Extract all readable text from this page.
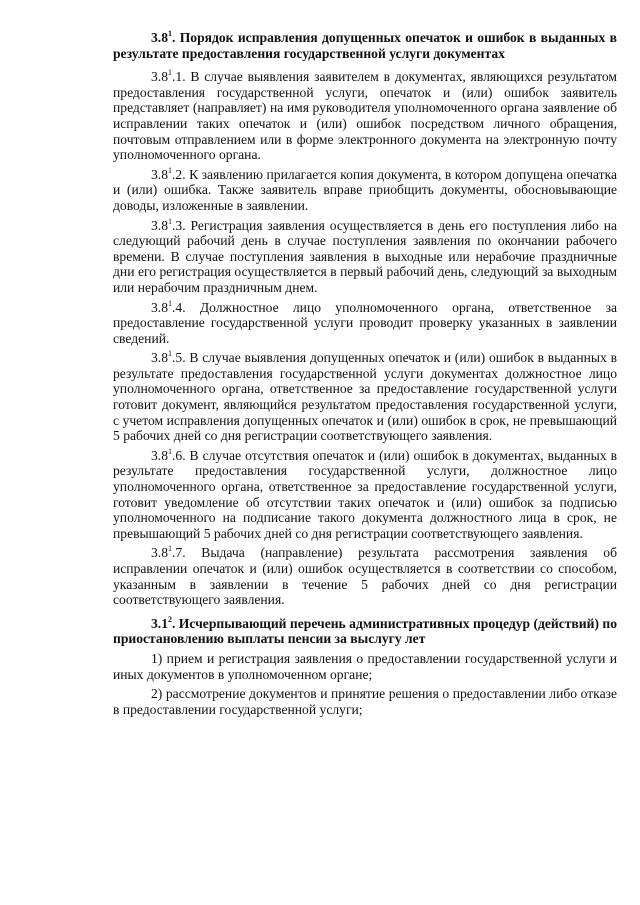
$3.8^1$. Порядок исправления допущенных опечаток и ошибок в выданных в результате предоставления государственной услуги документах

$3.8^1.1$. В случае выявления заявителем в документах, являющихся результатом предоставления государственной услуги, опечаток и (или) ошибок заявитель представляет (направляет) на имя руководителя уполномоченного органа заявление об исправлении таких опечаток и (или) ошибок посредством личного обращения, почтовым отправлением или в форме электронного документа на электронную почту уполномоченного органа.

$3.8^1.2$. К заявлению прилагается копия документа, в котором допущена опечатка и (или) ошибка. Также заявитель вправе приобщить документы, обосновывающие доводы, изложенные в заявлении.

$3.8^1.3$. Регистрация заявления осуществляется в день его поступления либо на следующий рабочий день в случае поступления заявления по окончании рабочего времени. В случае поступления заявления в выходные или нерабочие праздничные дни его регистрация осуществляется в первый рабочий день, следующий за выходным или нерабочим праздничным днем.

$3.8^1.4$. Должностное лицо уполномоченного органа, ответственное за предоставление государственной услуги проводит проверку указанных в заявлении сведений.

$3.8^1.5$. В случае выявления допущенных опечаток и (или) ошибок в выданных в результате предоставления государственной услуги документах должностное лицо уполномоченного органа, ответственное за предоставление государственной услуги готовит документ, являющийся результатом предоставления государственной услуги, с учетом исправления допущенных опечаток и (или) ошибок в срок, не превышающий 5 рабочих дней со дня регистрации соответствующего заявления.

$3.8^1.6$. В случае отсутствия опечаток и (или) ошибок в документах, выданных в результате предоставления государственной услуги, должностное лицо уполномоченного органа, ответственное за предоставление государственной услуги, готовит уведомление об отсутствии таких опечаток и (или) ошибок за подписью уполномоченного на подписание такого документа должностного лица в срок, не превышающий 5 рабочих дней со дня регистрации соответствующего заявления.

$3.8^1.7$. Выдача (направление) результата рассмотрения заявления об исправлении опечаток и (или) ошибок осуществляется в соответствии со способом, указанным в заявлении в течение 5 рабочих дней со дня регистрации соответствующего заявления.

$3.1^2$. Исчерпывающий перечень административных процедур (действий) по приостановлению выплаты пенсии за выслугу лет

1) прием и регистрация заявления о предоставлении государственной услуги и иных документов в уполномоченном органе;

2) рассмотрение документов и принятие решения о предоставлении либо отказе в предоставлении государственной услуги;
